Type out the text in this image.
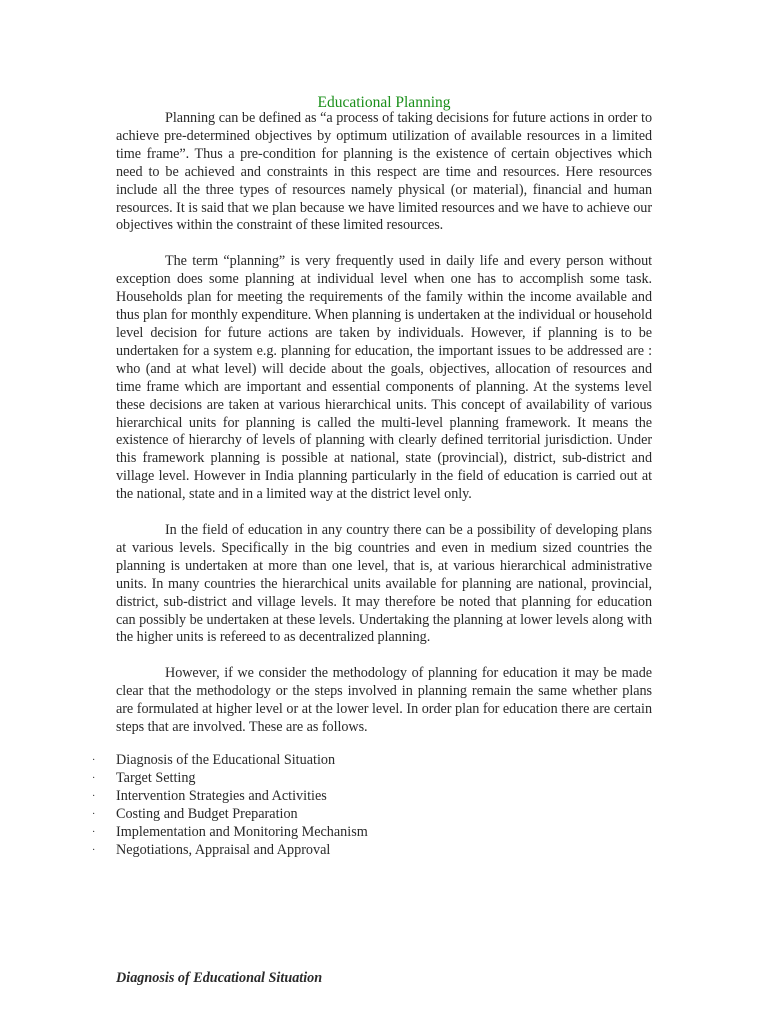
Educational Planning

Planning can be defined as “a process of taking decisions for future actions in order to achieve pre-determined objectives by optimum utilization of available resources in a limited time frame”. Thus a pre-condition for planning is the existence of certain objectives which need to be achieved and constraints in this respect are time and resources. Here resources include all the three types of resources namely physical (or material), financial and human resources. It is said that we plan because we have limited resources and we have to achieve our objectives within the constraint of these limited resources.

The term “planning” is very frequently used in daily life and every person without exception does some planning at individual level when one has to accomplish some task. Households plan for meeting the requirements of the family within the income available and thus plan for monthly expenditure. When planning is undertaken at the individual or household level decision for future actions are taken by individuals. However, if planning is to be undertaken for a system e.g. planning for education, the important issues to be addressed are : who (and at what level) will decide about the goals, objectives, allocation of resources and time frame which are important and essential components of planning. At the systems level these decisions are taken at various hierarchical units. This concept of availability of various hierarchical units for planning is called the multi-level planning framework. It means the existence of hierarchy of levels of planning with clearly defined territorial jurisdiction. Under this framework planning is possible at national, state (provincial), district, sub-district and village level. However in India planning particularly in the field of education is carried out at the national, state and in a limited way at the district level only.

In the field of education in any country there can be a possibility of developing plans at various levels. Specifically in the big countries and even in medium sized countries the planning is undertaken at more than one level, that is, at various hierarchical administrative units. In many countries the hierarchical units available for planning are national, provincial, district, sub-district and village levels. It may therefore be noted that planning for education can possibly be undertaken at these levels. Undertaking the planning at lower levels along with the higher units is refereed to as decentralized planning.

However, if we consider the methodology of planning for education it may be made clear that the methodology or the steps involved in planning remain the same whether plans are formulated at higher level or at the lower level. In order plan for education there are certain steps that are involved. These are as follows.

· Diagnosis of the Educational Situation
· Target Setting
· Intervention Strategies and Activities
· Costing and Budget Preparation
· Implementation and Monitoring Mechanism
· Negotiations, Appraisal and Approval
Diagnosis of Educational Situation
